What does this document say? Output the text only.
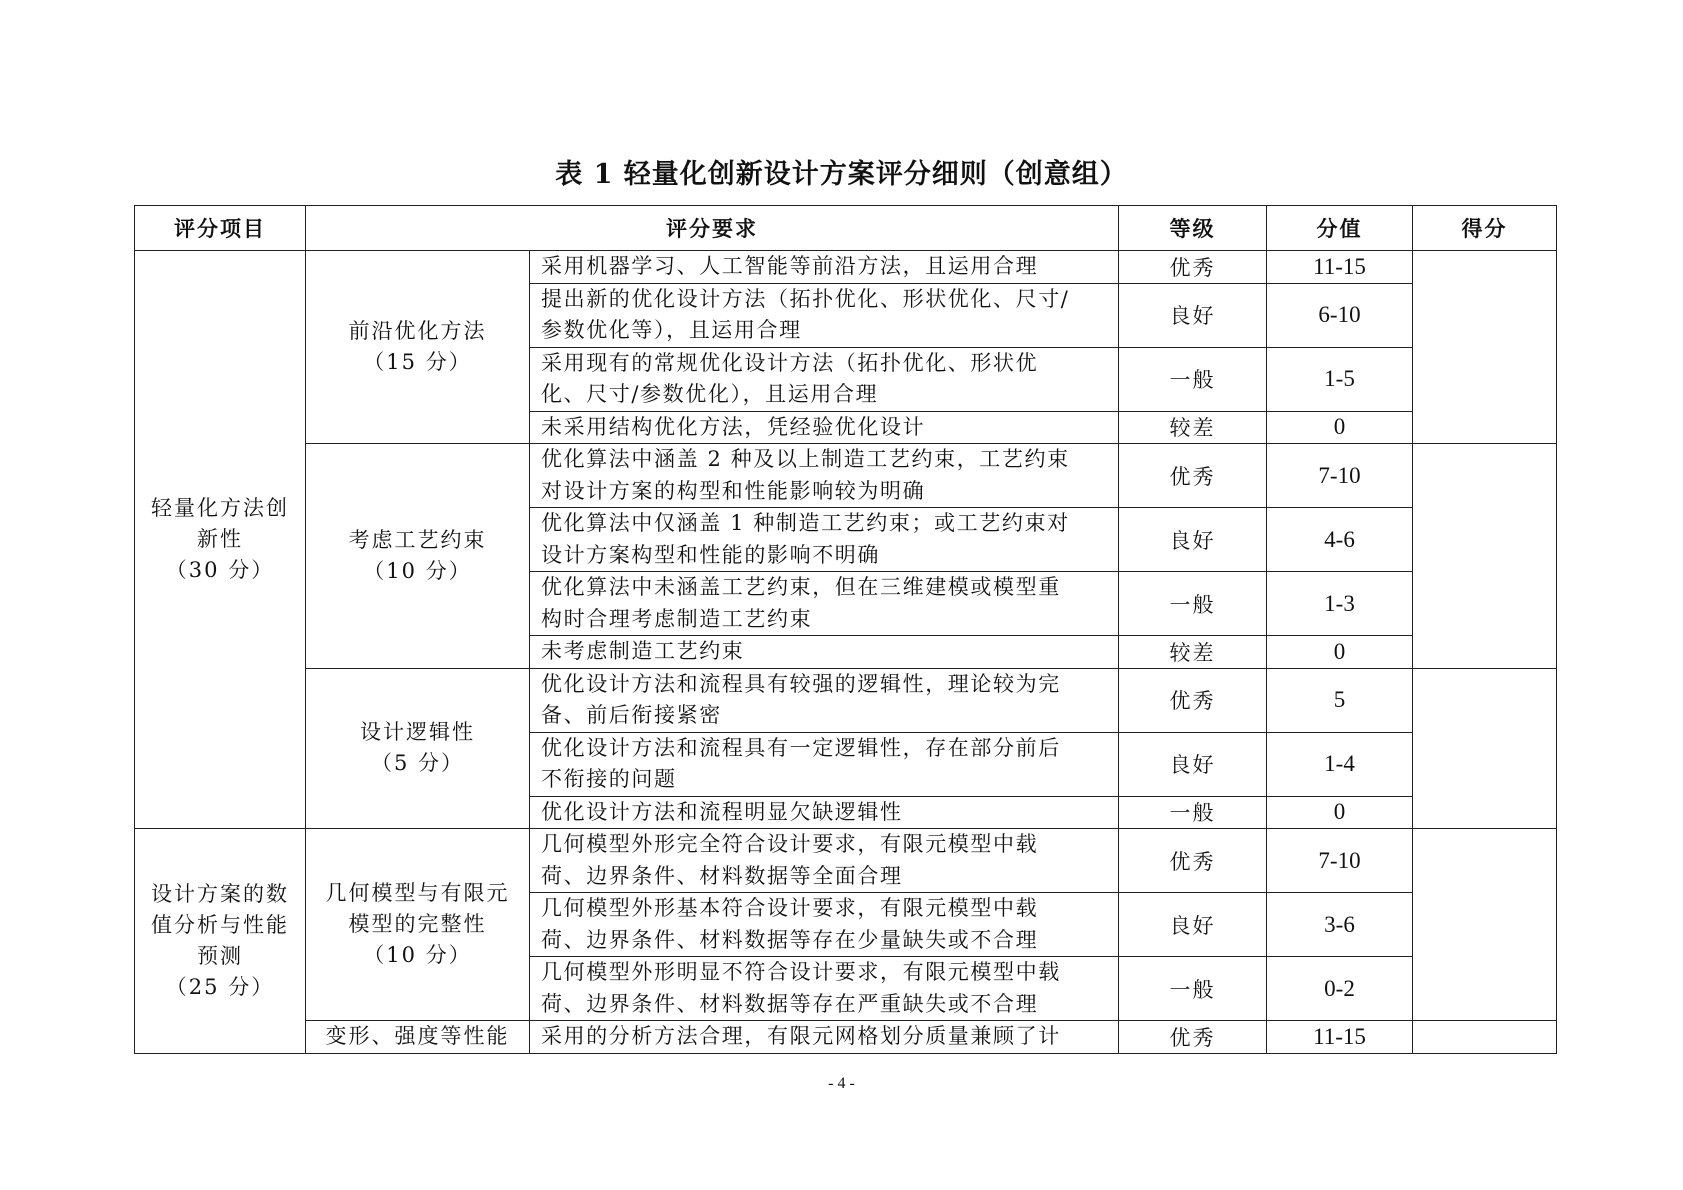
表 1 轻量化创新设计方案评分细则（创意组）
评分项目	评分要求		等级	分值	得分

轻量化方法创
新性
（30 分）	前沿优化方法
（15 分）	采用机器学习、人工智能等前沿方法，且运用合理	优秀	11-15	

		提出新的优化设计方法（拓扑优化、形状优化、尺寸/
参数优化等），且运用合理	良好	6-10	

		采用现有的常规优化设计方法（拓扑优化、形状优
化、尺寸/参数优化），且运用合理	一般	1-5	

		未采用结构优化方法，凭经验优化设计	较差	0	

	考虑工艺约束
（10 分）	优化算法中涵盖 2 种及以上制造工艺约束，工艺约束
对设计方案的构型和性能影响较为明确	优秀	7-10	

		优化算法中仅涵盖 1 种制造工艺约束；或工艺约束对
设计方案构型和性能的影响不明确	良好	4-6	

		优化算法中未涵盖工艺约束，但在三维建模或模型重
构时合理考虑制造工艺约束	一般	1-3	

		未考虑制造工艺约束	较差	0	

	设计逻辑性
（5 分）	优化设计方法和流程具有较强的逻辑性，理论较为完
备、前后衔接紧密	优秀	5	

		优化设计方法和流程具有一定逻辑性，存在部分前后
不衔接的问题	良好	1-4	

		优化设计方法和流程明显欠缺逻辑性	一般	0	

设计方案的数
值分析与性能
预测
（25 分）	几何模型与有限元
模型的完整性
（10 分）	几何模型外形完全符合设计要求，有限元模型中载
荷、边界条件、材料数据等全面合理	优秀	7-10	

		几何模型外形基本符合设计要求，有限元模型中载
荷、边界条件、材料数据等存在少量缺失或不合理	良好	3-6	

		几何模型外形明显不符合设计要求，有限元模型中载
荷、边界条件、材料数据等存在严重缺失或不合理	一般	0-2	

	变形、强度等性能	采用的分析方法合理，有限元网格划分质量兼顾了计	优秀	11-15	

- 4 -
